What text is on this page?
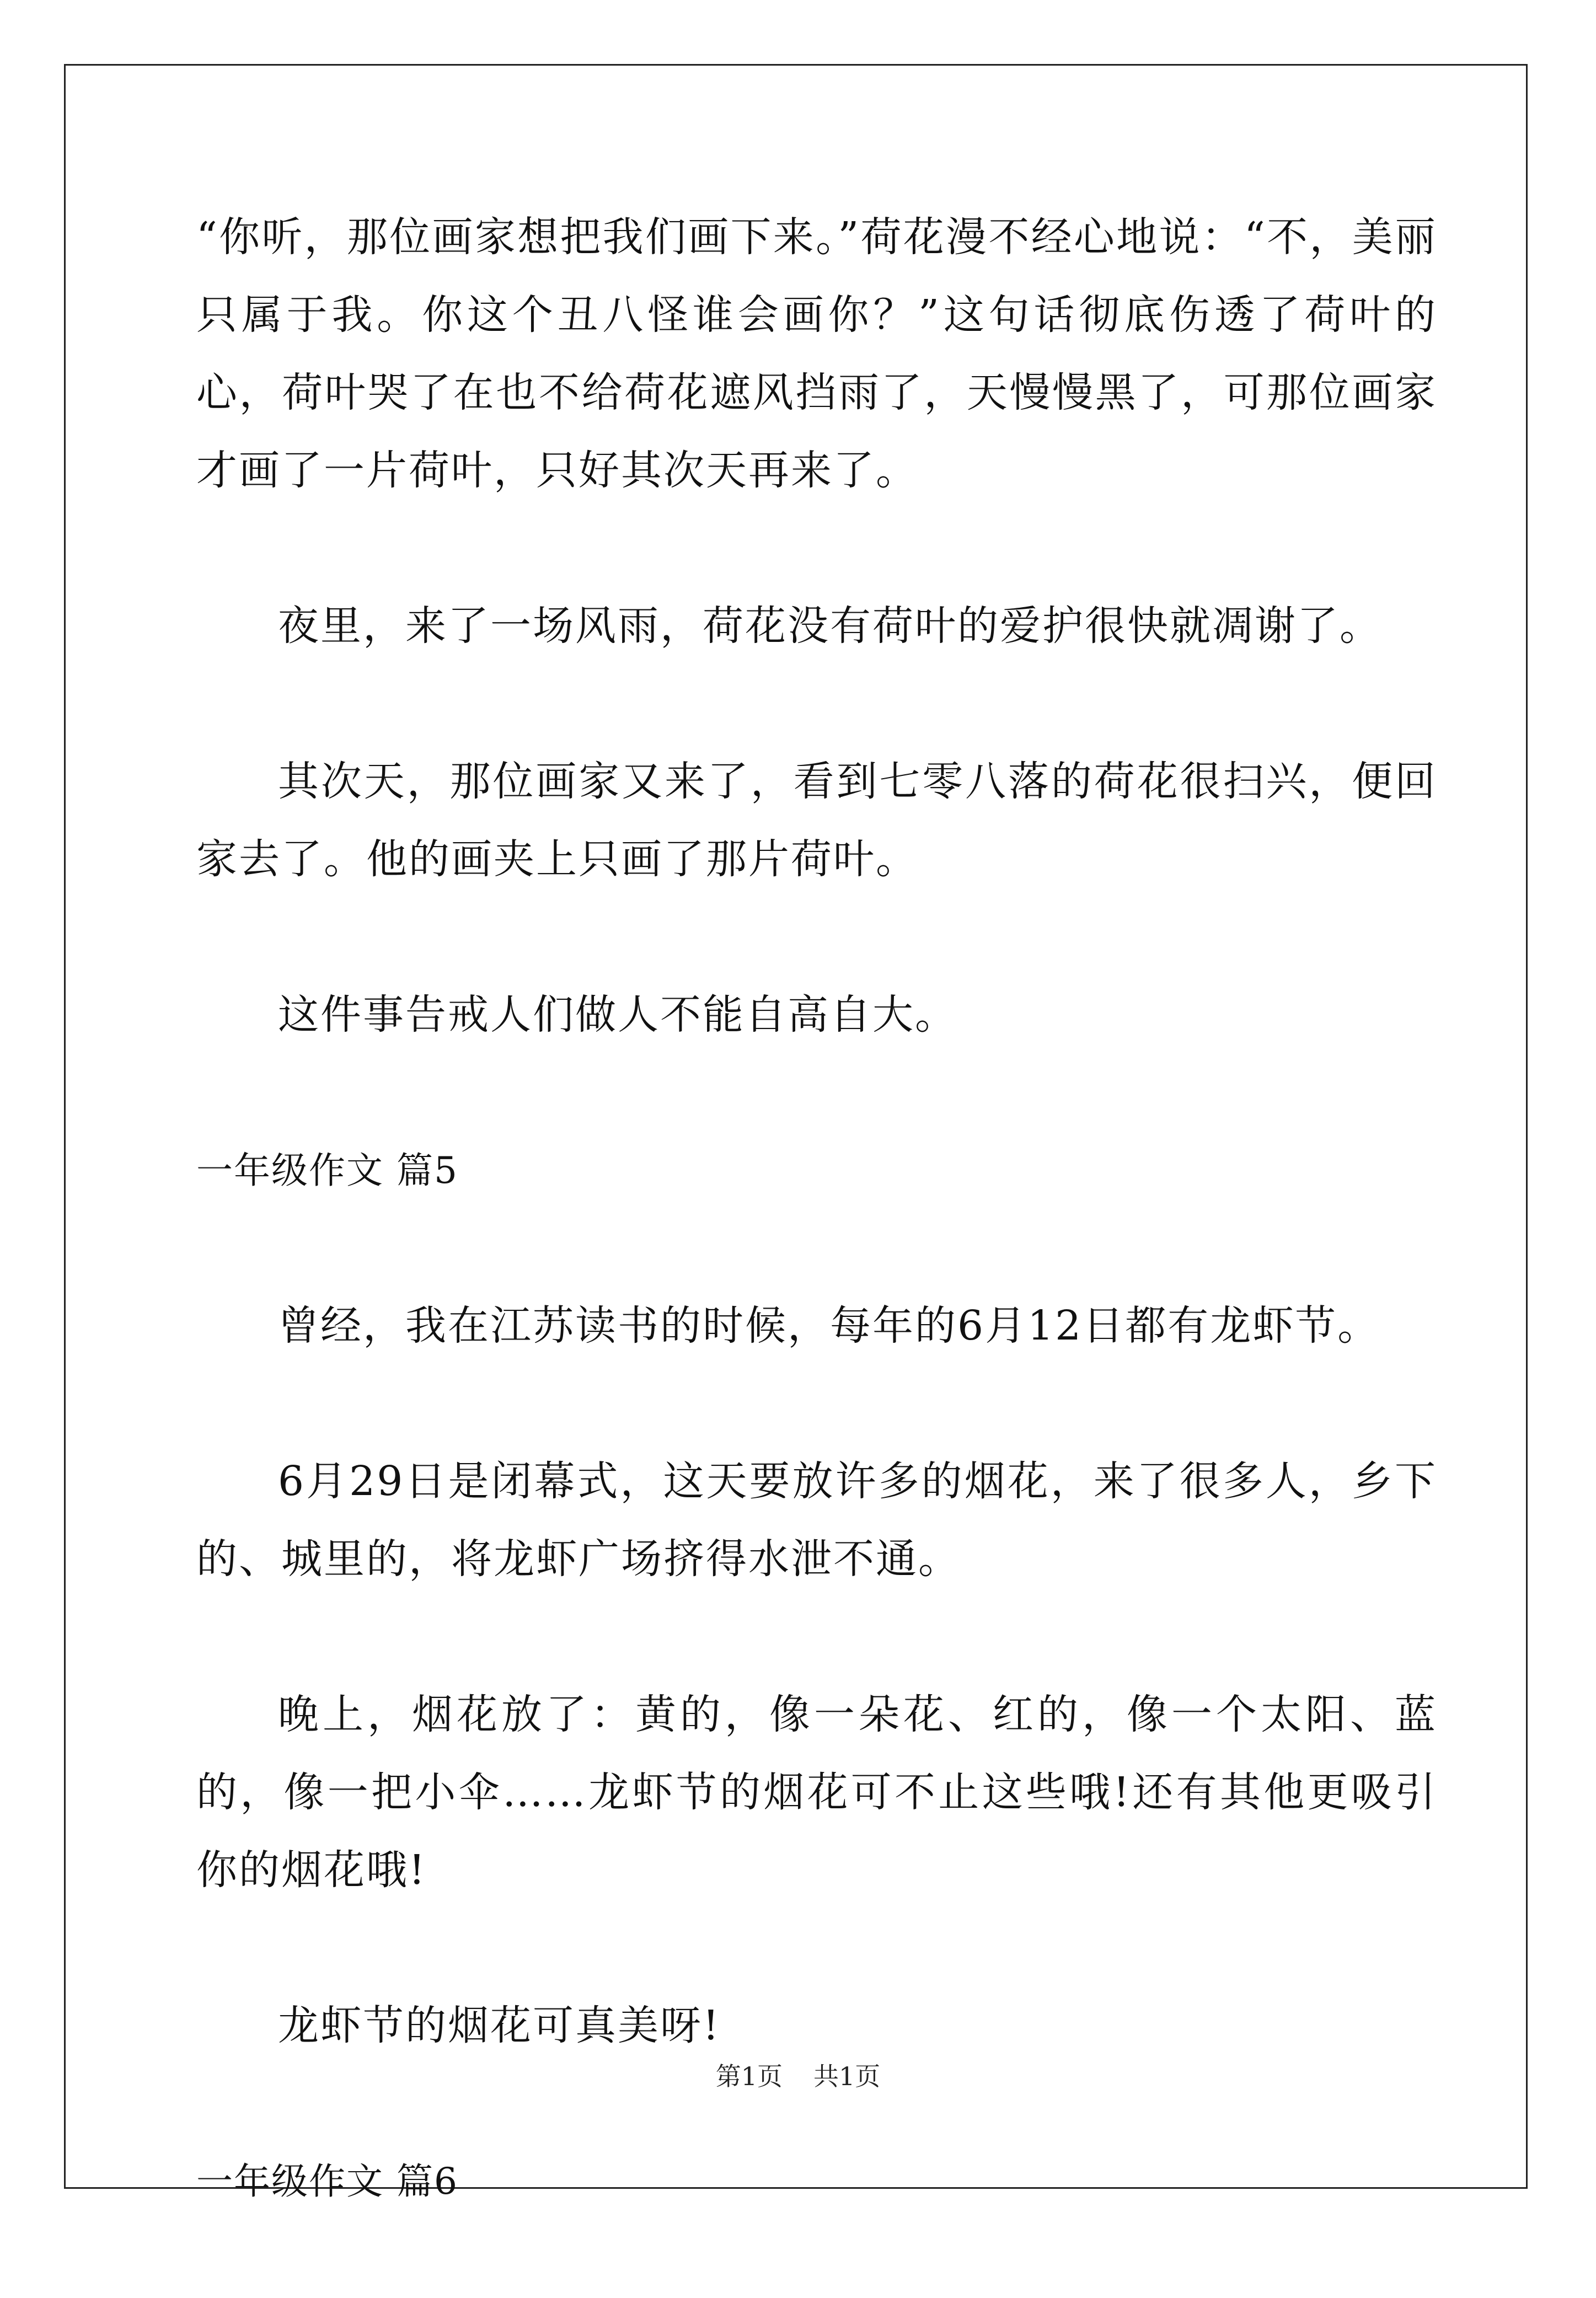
“你听，那位画家想把我们画下来。”荷花漫不经心地说：“不，美丽只属于我。你这个丑八怪谁会画你？”这句话彻底伤透了荷叶的心，荷叶哭了在也不给荷花遮风挡雨了，天慢慢黑了，可那位画家才画了一片荷叶，只好其次天再来了。

夜里，来了一场风雨，荷花没有荷叶的爱护很快就凋谢了。

其次天，那位画家又来了，看到七零八落的荷花很扫兴，便回家去了。他的画夹上只画了那片荷叶。

这件事告戒人们做人不能自高自大。

一年级作文 篇5

曾经，我在江苏读书的时候，每年的6月12日都有龙虾节。

6月29日是闭幕式，这天要放许多的烟花，来了很多人，乡下的、城里的，将龙虾广场挤得水泄不通。

晚上，烟花放了：黄的，像一朵花、红的，像一个太阳、蓝的，像一把小伞……龙虾节的烟花可不止这些哦!还有其他更吸引你的烟花哦!

龙虾节的烟花可真美呀!

一年级作文 篇6
第1页 共1页
